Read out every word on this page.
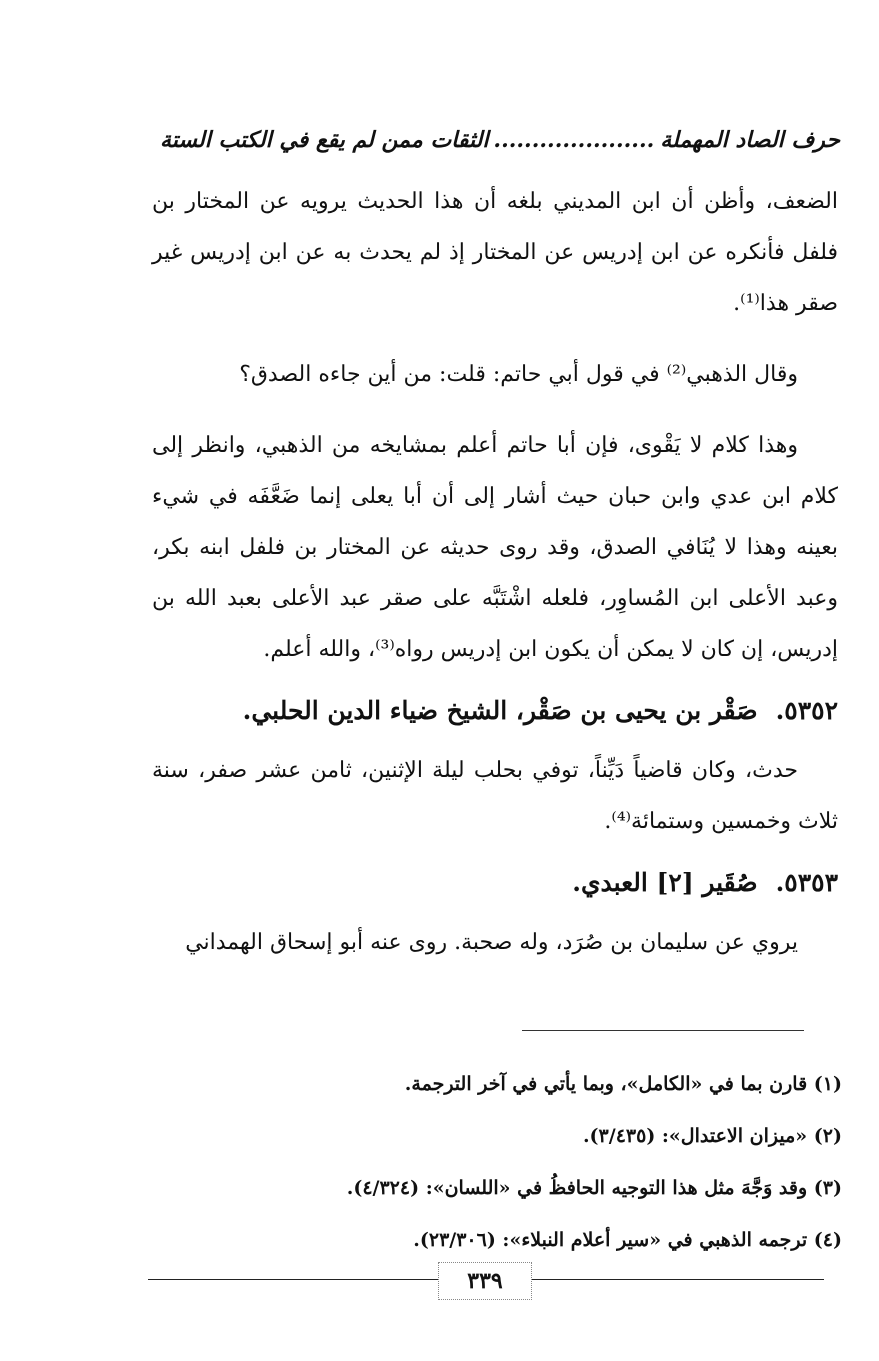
حرف الصاد المهملة
.....
الثقات ممن لم يقع في الكتب الستة

الضعف، وأظن أن ابن المديني بلغه أن هذا الحديث يرويه عن المختار بن فلفل فأنكره عن ابن إدريس عن المختار إذ لم يحدث به عن ابن إدريس غير صقر هذا⁽¹⁾.

وقال الذهبي⁽²⁾ في قول أبي حاتم: قلت: من أين جاءه الصدق؟

وهذا كلام لا يَقْوى، فإن أبا حاتم أعلم بمشايخه من الذهبي، وانظر إلى كلام ابن عدي وابن حبان حيث أشار إلى أن أبا يعلى إنما ضَعَّفَه في شيء بعينه وهذا لا يُنَافي الصدق، وقد روى حديثه عن المختار بن فلفل ابنه بكر، وعبد الأعلى ابن المُساوِر، فلعله اشْتَبَّه على صقر عبد الأعلى بعبد الله بن إدريس، إن كان لا يمكن أن يكون ابن إدريس رواه⁽³⁾، والله أعلم.

٥٣٥٢.صَقْر بن يحيى بن صَقْر، الشيخ ضياء الدين الحلبي.

حدث، وكان قاضياً دَيِّناً، توفي بحلب ليلة الإثنين، ثامن عشر صفر، سنة ثلاث وخمسين وستمائة⁽⁴⁾.

٥٣٥٣.صُقَير [٢] العبدي.

يروي عن سليمان بن صُرَد، وله صحبة. روى عنه أبو إسحاق الهمداني

(١) قارن بما في «الكامل»، وبما يأتي في آخر الترجمة.

(٢) «ميزان الاعتدال»: (٣/٤٣٥).

(٣) وقد وَجَّهَ مثل هذا التوجيه الحافظُ في «اللسان»: (٤/٣٢٤).

(٤) ترجمه الذهبي في «سير أعلام النبلاء»: (٢٣/٣٠٦).

٣٣٩
